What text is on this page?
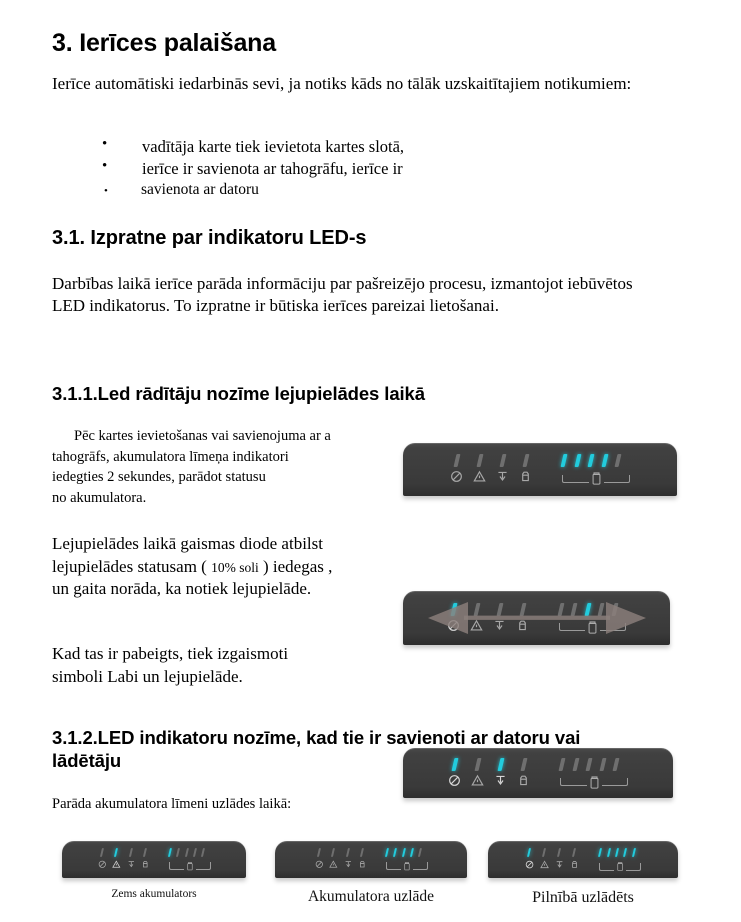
3. Ierīces palaišana

Ierīce automātiski iedarbinās sevi, ja notiks kāds no tālāk uzskaitītajiem notikumiem:

• vadītāja karte tiek ievietota kartes slotā,
• ierīce ir savienota ar tahogrāfu, ierīce ir
• savienota ar datoru
3.1. Izpratne par indikatoru LED-s

Darbības laikā ierīce parāda informāciju par pašreizējo procesu, izmantojot iebūvētos LED indikatorus. To izpratne ir būtiska ierīces pareizai lietošanai.

3.1.1.Led rādītāju nozīme lejupielādes laikā

Pēc kartes ievietošanas vai savienojuma ar a

tahogrāfs, akumulatora līmeņa indikatori

iedegties 2 sekundes, parādot statusu

no akumulatora.

Lejupielādes laikā gaismas diode atbilst

lejupielādes statusam ( 10% soli ) iedegas ,

un gaita norāda, ka notiek lejupielāde.

Kad tas ir pabeigts, tiek izgaismoti

simboli Labi un lejupielāde.

3.1.2.LED indikatoru nozīme, kad tie ir savienoti ar datoru vai lādētāju

Parāda akumulatora līmeni uzlādes laikā:

Zems akumulators	Akumulatora uzlāde	Pilnībā uzlādēts
